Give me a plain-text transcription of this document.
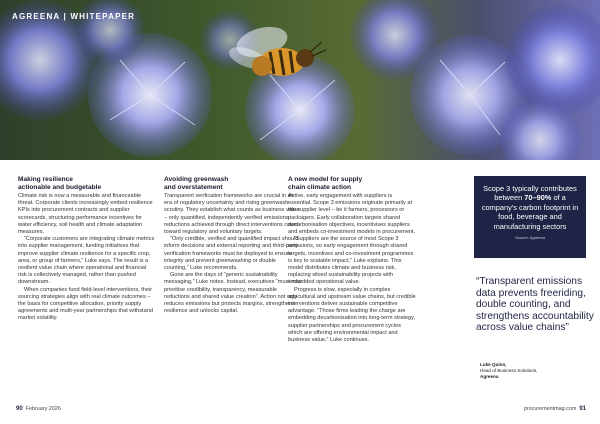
AGREENA | WHITEPAPER
Making resilience
actionable and budgetable

Climate risk is now a measurable and financeable threat. Corporate clients increasingly embed resilience KPIs into procurement contracts and supplier scorecards, structuring performance incentives for water efficiency, soil health and climate adaptation measures.

“Corporate customers are integrating climate metrics into supplier management, funding initiatives that improve supplier climate resilience for a specific crop, area, or group of farmers,” Luke says. The result is a resilient value chain where operational and financial risk is collectively managed, rather than pushed downstream.

When companies fund field-level interventions, their sourcing strategies align with real climate outcomes – the basis for competitive allocation, priority supply agreements and multi-year partnerships that withstand market volatility.

Avoiding greenwash
and overstatement

Transparent verification frameworks are crucial in an era of regulatory uncertainty and rising greenwash scrutiny. They establish what counts as business value – only quantified, independently verified emissions reductions achieved through direct interventions count toward regulatory and voluntary targets.

“Only credible, verified and quantified impact should inform decisions and external reporting and third-party verification frameworks must be deployed to ensure integrity and prevent greenwashing or double counting,” Luke recommends.

Gone are the days of “generic sustainability messaging,” Luke notes. Instead, executives “must now prioritise credibility, transparency, measurable reductions and shared value creation”. Action not only reduces emissions but protects margins, strengthens resilience and unlocks capital.

A new model for supply
chain climate action

Active, early engagement with suppliers is essential. Scope 3 emissions originate primarily at the supplier level – be it farmers, processors or packagers. Early collaboration targets shared decarbonisation objectives, incentivises suppliers and embeds co-investment models in procurement.

“Suppliers are the source of most Scope 3 emissions, so early engagement through shared targets, incentives and co-investment programmes is key to scalable impact,” Luke explains. This model distributes climate and business risk, replacing siloed sustainability projects with embedded operational value.

Progress is slow, especially in complex agricultural and upstream value chains, but credible interventions deliver sustainable competitive advantage. “Those firms leading the charge are embedding decarbonisation into long-term strategy, supplier partnerships and procurement cycles which are offering environmental impact and business value,” Luke continues.

Scope 3 typically contributes between 70–90% of a company’s carbon footprint in food, beverage and manufacturing sectors
Source: Agreena
“Transparent emissions data prevents freeriding, double counting, and strengthens accountability across value chains”
Luke Quinn,
Head of Business Solutions,
Agreena
90 February 2026	procurementmag.com 91
